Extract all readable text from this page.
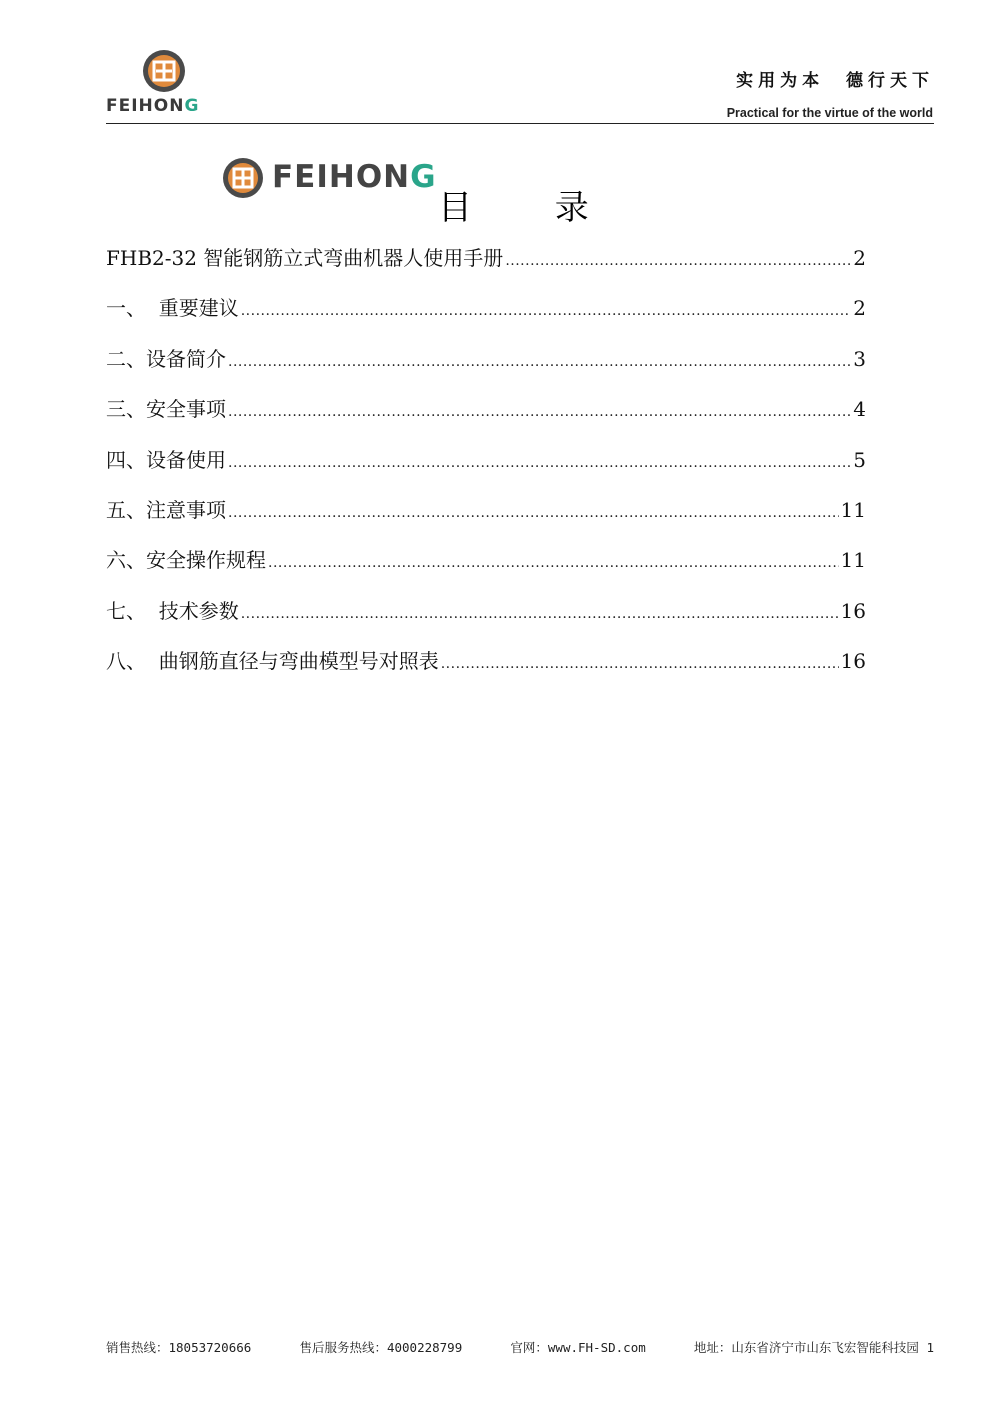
FEIHONG
实用为本  德行天下
Practical for the virtue of the world
FEIHONG
目 录
FHB2-32 智能钢筋立式弯曲机器人使用手册 .....	2
一、  重要建议 .....	2
二、设备简介 .....	3
三、安全事项 .....	4
四、设备使用 .....	5
五、注意事项 .....	11
六、安全操作规程 .....	11
七、  技术参数 .....	16
八、  曲钢筋直径与弯曲模型号对照表 .....	16
销售热线：18053720666	售后服务热线：4000228799	官网：www.FH-SD.com	地址：山东省济宁市山东飞宏智能科技园 1
